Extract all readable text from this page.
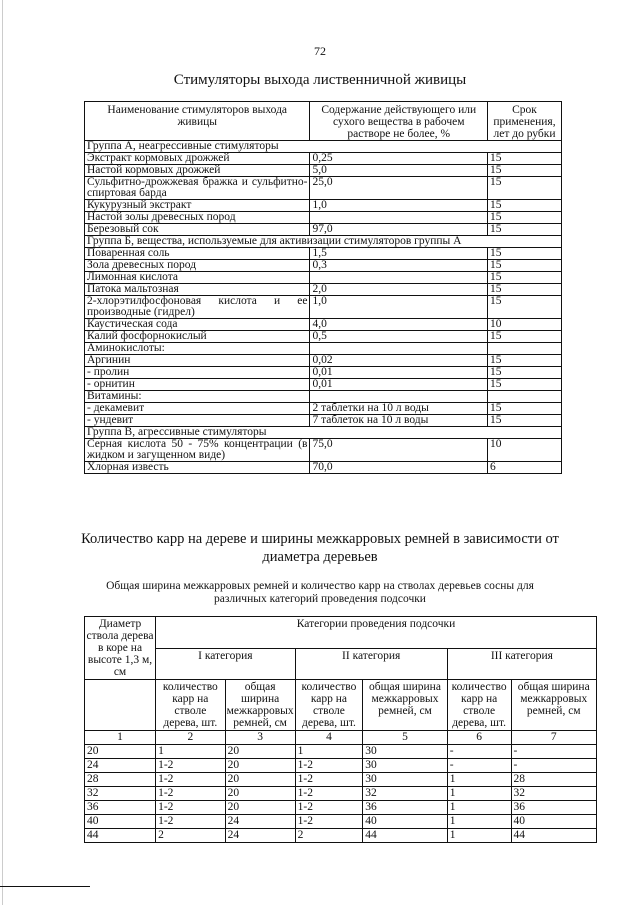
72
Стимуляторы выхода лиственничной живицы
Наименование стимуляторов выхода живицы	Содержание действующего или сухого вещества в рабочем растворе не более, %	Срок применения, лет до рубки
Группа А, неагрессивные стимуляторы		
Экстракт кормовых дрожжей	0,25	15
Настой кормовых дрожжей	5,0	15
Сульфитно-дрожжевая бражка и сульфитно-спиртовая барда	25,0	15
Кукурузный экстракт	1,0	15
Настой золы древесных пород		15
Березовый сок	97,0	15
Группа Б, вещества, используемые для активизации стимуляторов группы А		
Поваренная соль	1,5	15
Зола древесных пород	0,3	15
Лимонная кислота		15
Патока мальтозная	2,0	15
2-хлорэтилфосфоновая кислота и ее производные (гидрел)	1,0	15
Каустическая сода	4,0	10
Калий фосфорнокислый	0,5	15
Аминокислоты:		
Аргинин	0,02	15
- пролин	0,01	15
- орнитин	0,01	15
Витамины:		
- декамевит	2 таблетки на 10 л воды	15
- ундевит	7 таблеток на 10 л воды	15
Группа В, агрессивные стимуляторы		
Серная кислота 50 - 75% концентрации (в жидком и загущенном виде)	75,0	10
Хлорная известь	70,0	6
Количество карр на дереве и ширины межкарровых ремней в зависимости от диаметра деревьев
Общая ширина межкарровых ремней и количество карр на стволах деревьев сосны для различных категорий проведения подсочки
Диаметр ствола дерева в коре на высоте 1,3 м, см	Категории проведения подсочки					
	I категория		II категория		III категория	
	количество карр на стволе дерева, шт.	общая ширина межкарровых ремней, см	количество карр на стволе дерева, шт.	общая ширина межкарровых ремней, см	количество карр на стволе дерева, шт.	общая ширина межкарровых ремней, см
1	2	3	4	5	6	7
20	1	20	1	30	-	-
24	1-2	20	1-2	30	-	-
28	1-2	20	1-2	30	1	28
32	1-2	20	1-2	32	1	32
36	1-2	20	1-2	36	1	36
40	1-2	24	1-2	40	1	40
44	2	24	2	44	1	44
